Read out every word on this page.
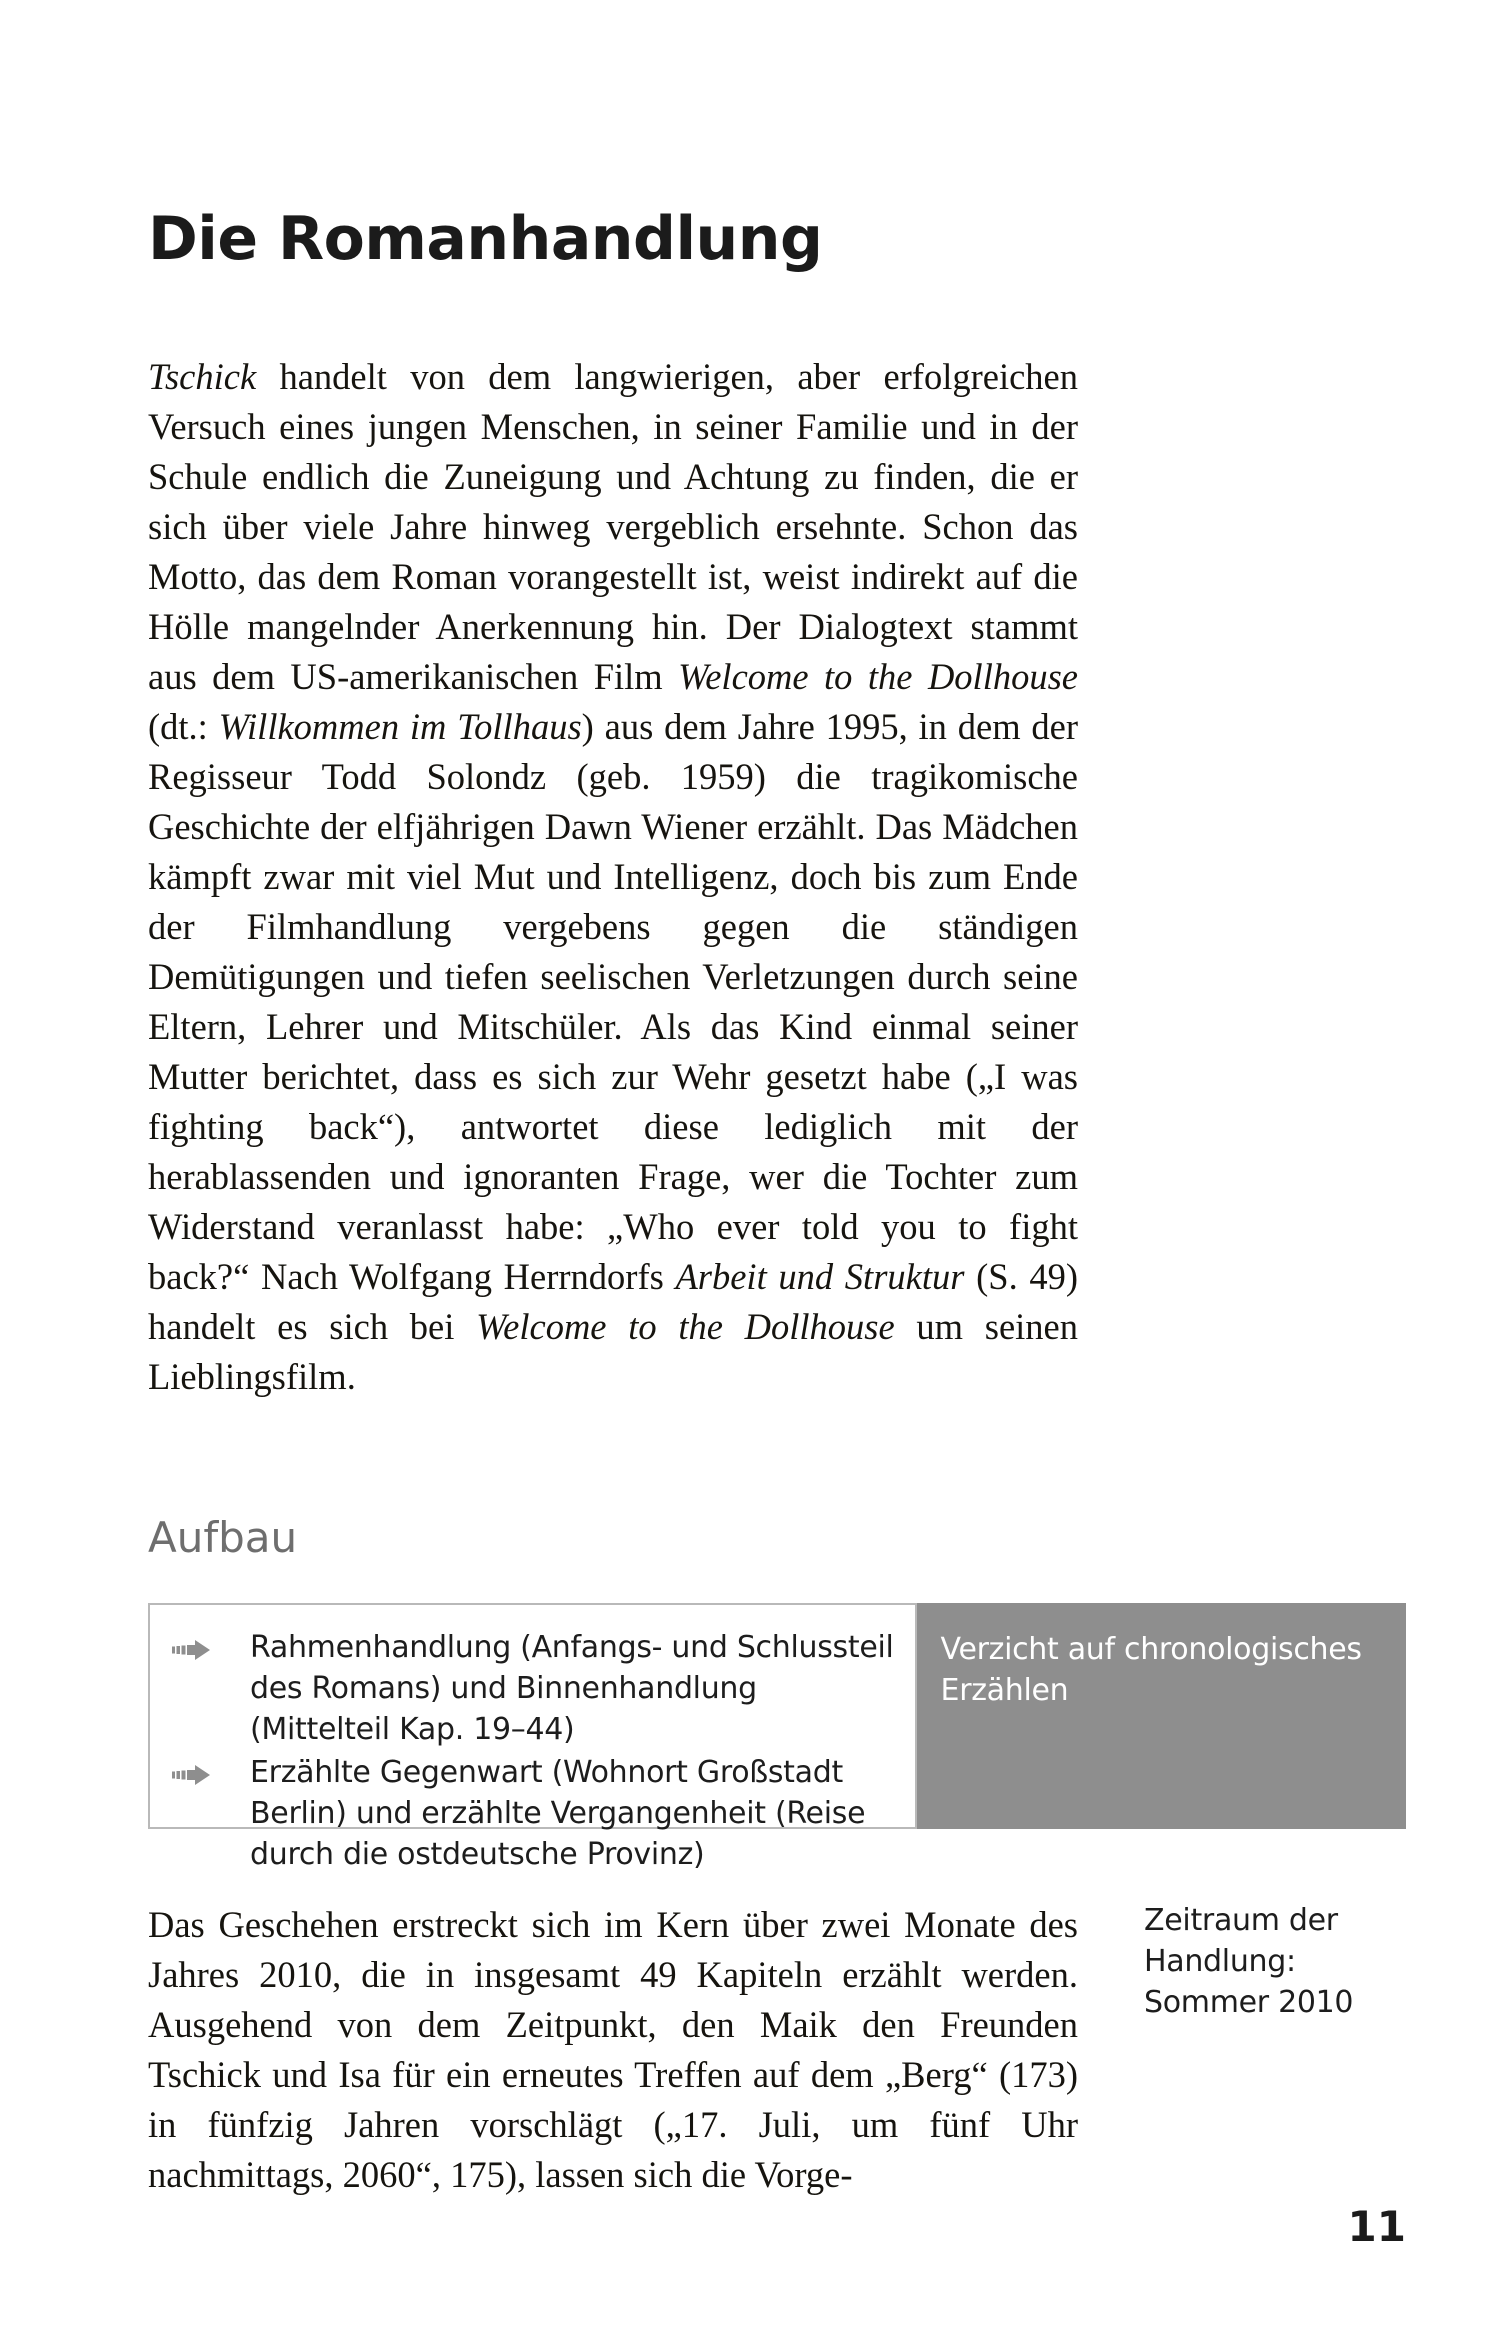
Die Romanhandlung

Tschick handelt von dem langwierigen, aber erfolgreichen Versuch eines jungen Menschen, in seiner Familie und in der Schule endlich die Zuneigung und Achtung zu finden, die er sich über viele Jahre hinweg vergeblich ersehnte. Schon das Motto, das dem Roman vorangestellt ist, weist indirekt auf die Hölle mangelnder Anerkennung hin. Der Dialogtext stammt aus dem US-amerikanischen Film Welcome to the Dollhouse (dt.: Willkommen im Tollhaus) aus dem Jahre 1995, in dem der Regisseur Todd Solondz (geb. 1959) die tragikomische Geschichte der elfjährigen Dawn Wiener erzählt. Das Mädchen kämpft zwar mit viel Mut und Intelligenz, doch bis zum Ende der Filmhandlung vergebens gegen die ständigen Demütigungen und tiefen seelischen Verletzungen durch seine Eltern, Lehrer und Mitschüler. Als das Kind einmal seiner Mutter berichtet, dass es sich zur Wehr gesetzt habe („I was fighting back“), antwortet diese lediglich mit der herablassenden und ignoranten Frage, wer die Tochter zum Widerstand veranlasst habe: „Who ever told you to fight back?“ Nach Wolfgang Herrndorfs Arbeit und Struktur (S. 49) handelt es sich bei Welcome to the Dollhouse um seinen Lieblingsfilm.

Aufbau
Rahmenhandlung (Anfangs- und Schlussteil des Romans) und Binnenhandlung (Mittelteil Kap. 19–44)
Erzählte Gegenwart (Wohnort Großstadt Berlin) und erzählte Vergangenheit (Reise durch die ostdeutsche Provinz)
Verzicht auf chronologisches Erzählen

Das Geschehen erstreckt sich im Kern über zwei Monate des Jahres 2010, die in insgesamt 49 Kapiteln erzählt werden. Ausgehend von dem Zeitpunkt, den Maik den Freunden Tschick und Isa für ein erneutes Treffen auf dem „Berg“ (173) in fünfzig Jahren vorschlägt („17. Juli, um fünf Uhr nachmittags, 2060“, 175), lassen sich die Vorge-

Zeitraum der Handlung: Sommer 2010
11
